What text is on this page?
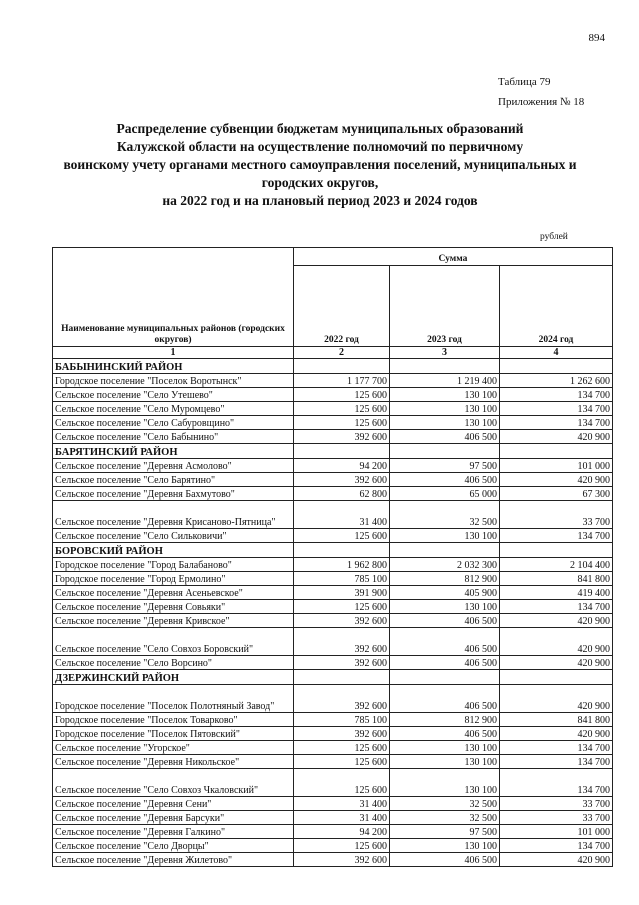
894
Таблица 79
Приложения № 18
Распределение субвенции бюджетам муниципальных образований
Калужской области на осуществление полномочий по первичному
воинскому учету органами местного самоуправления поселений, муниципальных и
городских округов,
на 2022 год и на плановый период 2023 и 2024 годов
рублей
Наименование муниципальных районов (городских округов)	Сумма		
	2022 год	2023 год	2024 год
1	2	3	4
БАБЫНИНСКИЙ РАЙОН			

Городское поселение "Поселок Воротынск"	1 177 700	1 219 400	1 262 600

Сельское поселение "Село Утешево"	125 600	130 100	134 700

Сельское поселение "Село Муромцево"	125 600	130 100	134 700

Сельское поселение "Село Сабуровщино"	125 600	130 100	134 700

Сельское поселение "Село Бабынино"	392 600	406 500	420 900
БАРЯТИНСКИЙ РАЙОН			

Сельское поселение "Деревня Асмолово"	94 200	97 500	101 000

Сельское поселение "Село Барятино"	392 600	406 500	420 900

Сельское поселение "Деревня Бахмутово"	62 800	65 000	67 300

Сельское поселение "Деревня Крисаново-Пятница"	31 400	32 500	33 700

Сельское поселение "Село Сильковичи"	125 600	130 100	134 700
БОРОВСКИЙ РАЙОН			

Городское поселение "Город Балабаново"	1 962 800	2 032 300	2 104 400

Городское поселение "Город Ермолино"	785 100	812 900	841 800

Сельское поселение "Деревня Асеньевское"	391 900	405 900	419 400

Сельское поселение "Деревня Совьяки"	125 600	130 100	134 700

Сельское поселение "Деревня Кривское"	392 600	406 500	420 900

Сельское поселение "Село Совхоз Боровский"	392 600	406 500	420 900

Сельское поселение "Село Ворсино"	392 600	406 500	420 900
ДЗЕРЖИНСКИЙ РАЙОН			

Городское поселение "Поселок Полотняный Завод"	392 600	406 500	420 900

Городское поселение "Поселок Товарково"	785 100	812 900	841 800

Городское поселение "Поселок Пятовский"	392 600	406 500	420 900

Сельское поселение "Угорское"	125 600	130 100	134 700

Сельское поселение "Деревня Никольское"	125 600	130 100	134 700

Сельское поселение "Село Совхоз Чкаловский"	125 600	130 100	134 700

Сельское поселение "Деревня Сени"	31 400	32 500	33 700

Сельское поселение "Деревня Барсуки"	31 400	32 500	33 700

Сельское поселение "Деревня Галкино"	94 200	97 500	101 000

Сельское поселение "Село Дворцы"	125 600	130 100	134 700

Сельское поселение "Деревня Жилетово"	392 600	406 500	420 900
